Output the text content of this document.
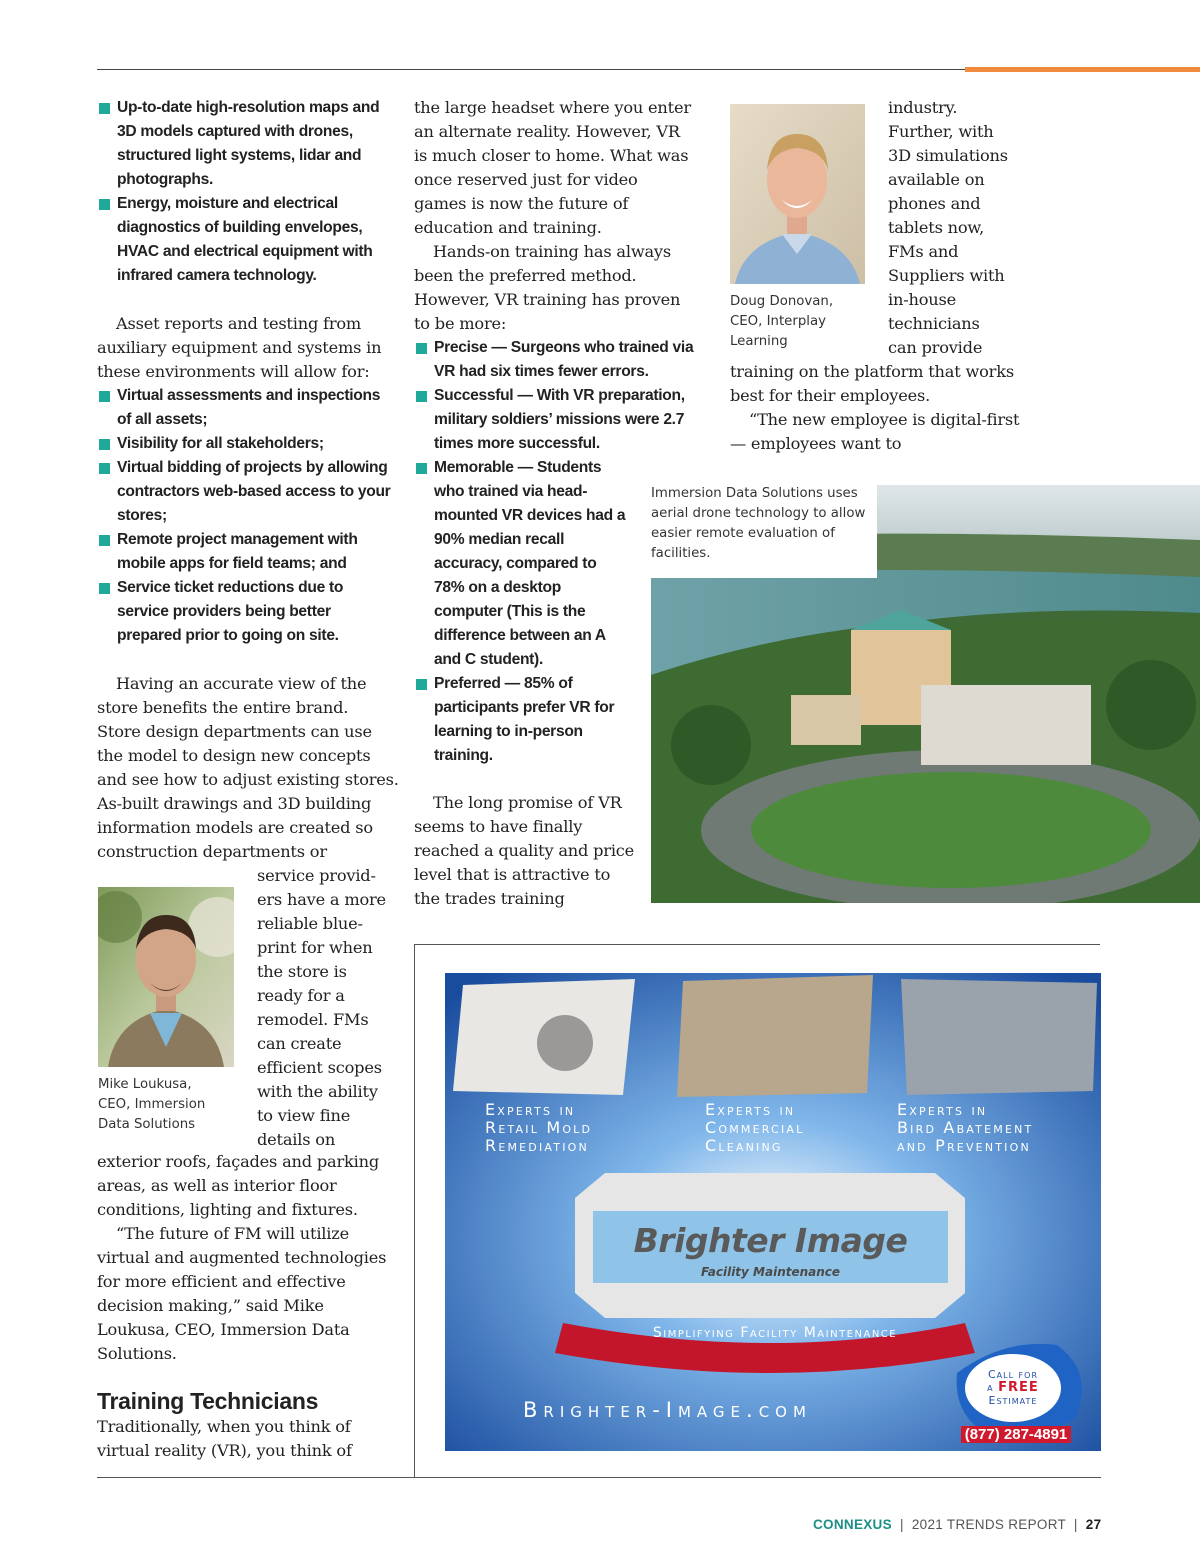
Up-to-date high-resolution maps and 3D models captured with drones, structured light systems, lidar and photographs.
Energy, moisture and electrical diagnostics of building envelopes, HVAC and electrical equipment with infrared camera technology.

Asset reports and testing from auxiliary equipment and systems in these environments will allow for:

Virtual assessments and inspections of all assets;
Visibility for all stakeholders;
Virtual bidding of projects by allowing contractors web-based access to your stores;
Remote project management with mobile apps for field teams; and
Service ticket reductions due to service providers being better prepared prior to going on site.
Having an accurate view of the
store benefits the entire brand.
Store design departments can use
the model to design new concepts
and see how to adjust existing stores.
As-built drawings and 3D building
information models are created so
construction departments or
Mike Loukusa,
CEO, Immersion
Data Solutions
service provid-
ers have a more
reliable blue-
print for when
the store is
ready for a
remodel. FMs
can create
efficient scopes
with the ability
to view fine
details on

exterior roofs, façades and parking areas, as well as interior floor conditions, lighting and fixtures.

“The future of FM will utilize virtual and augmented technologies for more efficient and effective decision making,” said Mike Loukusa, CEO, Immersion Data Solutions.

Training Technicians

Traditionally, when you think of virtual reality (VR), you think of

the large headset where you enter an alternate reality. However, VR is much closer to home. What was once reserved just for video games is now the future of education and training.

Hands-on training has always been the preferred method. However, VR training has proven to be more:

Precise — Surgeons who trained via VR had six times fewer errors.
Successful — With VR preparation, military soldiers’ missions were 2.7 times more successful.
Memorable — Students who trained via head-mounted VR devices had a 90% median recall accuracy, compared to 78% on a desktop computer (This is the difference between an A and C student).
Preferred — 85% of participants prefer VR for learning to in-person training.
The long promise of VR seems to have finally reached a quality and price level that is attractive to the trades training
Doug Donovan,
CEO, Interplay
Learning
industry.
Further, with
3D simulations
available on
phones and
tablets now,
FMs and
Suppliers with
in-house
technicians
can provide

training on the platform that works best for their employees.

“The new employee is digital-first — employees want to

Immersion Data Solutions uses aerial drone technology to allow easier remote evaluation of facilities.
Experts in
Retail Mold
Remediation
Experts in
Commercial
Cleaning
Experts in
Bird Abatement
and Prevention
Brighter Image
Facility Maintenance
Simplifying Facility Maintenance
Brighter-Image.com
Call for
a FREE
Estimate
(877) 287-4891
CONNEXUS | 2021 TRENDS REPORT | 27
